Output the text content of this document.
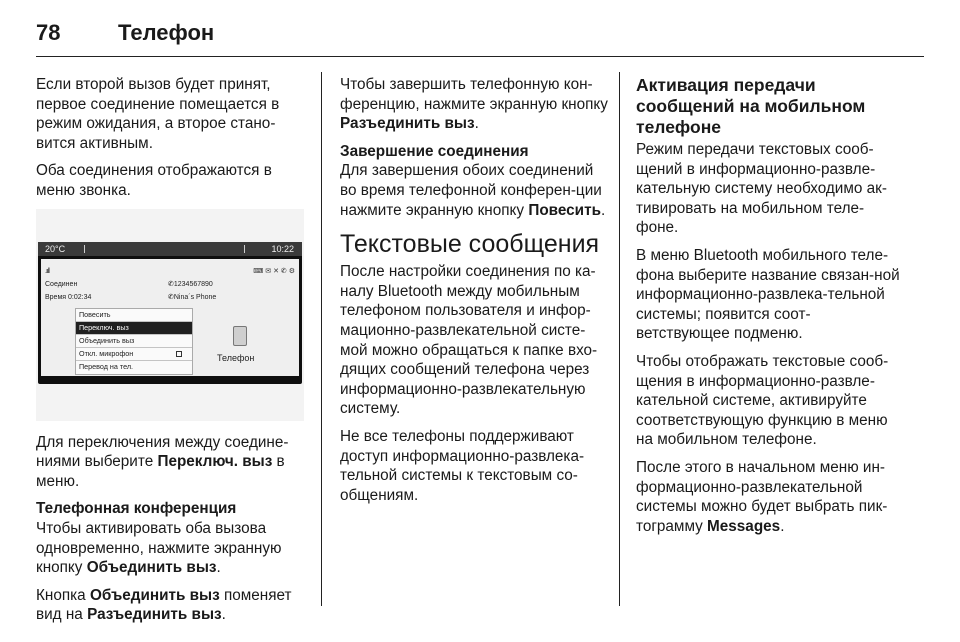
78	Телефон

Если второй вызов будет принят, первое соединение помещается в режим ожидания, а второе стано-вится активным.

Оба соединения отображаются в меню звонка.

20°C	10:22
.ııll	⌨ ✉ ✕ ✆ ⚙
Соединен
Время 0:02:34
✆1234567890
✆Nina´s Phone
Повесить
Переключ. выз
Объединить выз
Откл. микрофон
Перевод на тел.
Телефон

Для переключения между соедине-ниями выберите Переключ. выз в меню.

Телефонная конференция

Чтобы активировать оба вызова одновременно, нажмите экранную кнопку Объединить выз.

Кнопка Объединить выз поменяет вид на Разъединить выз.

Чтобы завершить телефонную кон-ференцию, нажмите экранную кнопку Разъединить выз.

Завершение соединения

Для завершения обоих соединений во время телефонной конферен-ции нажмите экранную кнопку Повесить.

Текстовые сообщения

После настройки соединения по ка-налу Bluetooth между мобильным телефоном пользователя и инфор-мационно-развлекательной систе-мой можно обращаться к папке вхо-дящих сообщений телефона через информационно-развлекательную систему.

Не все телефоны поддерживают доступ информационно-развлека-тельной системы к текстовым со-общениям.

Активация передачи сообщений на мобильном телефоне

Режим передачи текстовых сооб-щений в информационно-развле-кательную систему необходимо ак-тивировать на мобильном теле-фоне.

В меню Bluetooth мобильного теле-фона выберите название связан-ной информационно-развлека-тельной системы; появится соот-ветствующее подменю.

Чтобы отображать текстовые сооб-щения в информационно-развле-кательной системе, активируйте соответствующую функцию в меню на мобильном телефоне.

После этого в начальном меню ин-формационно-развлекательной системы можно будет выбрать пик-тограмму Messages.
